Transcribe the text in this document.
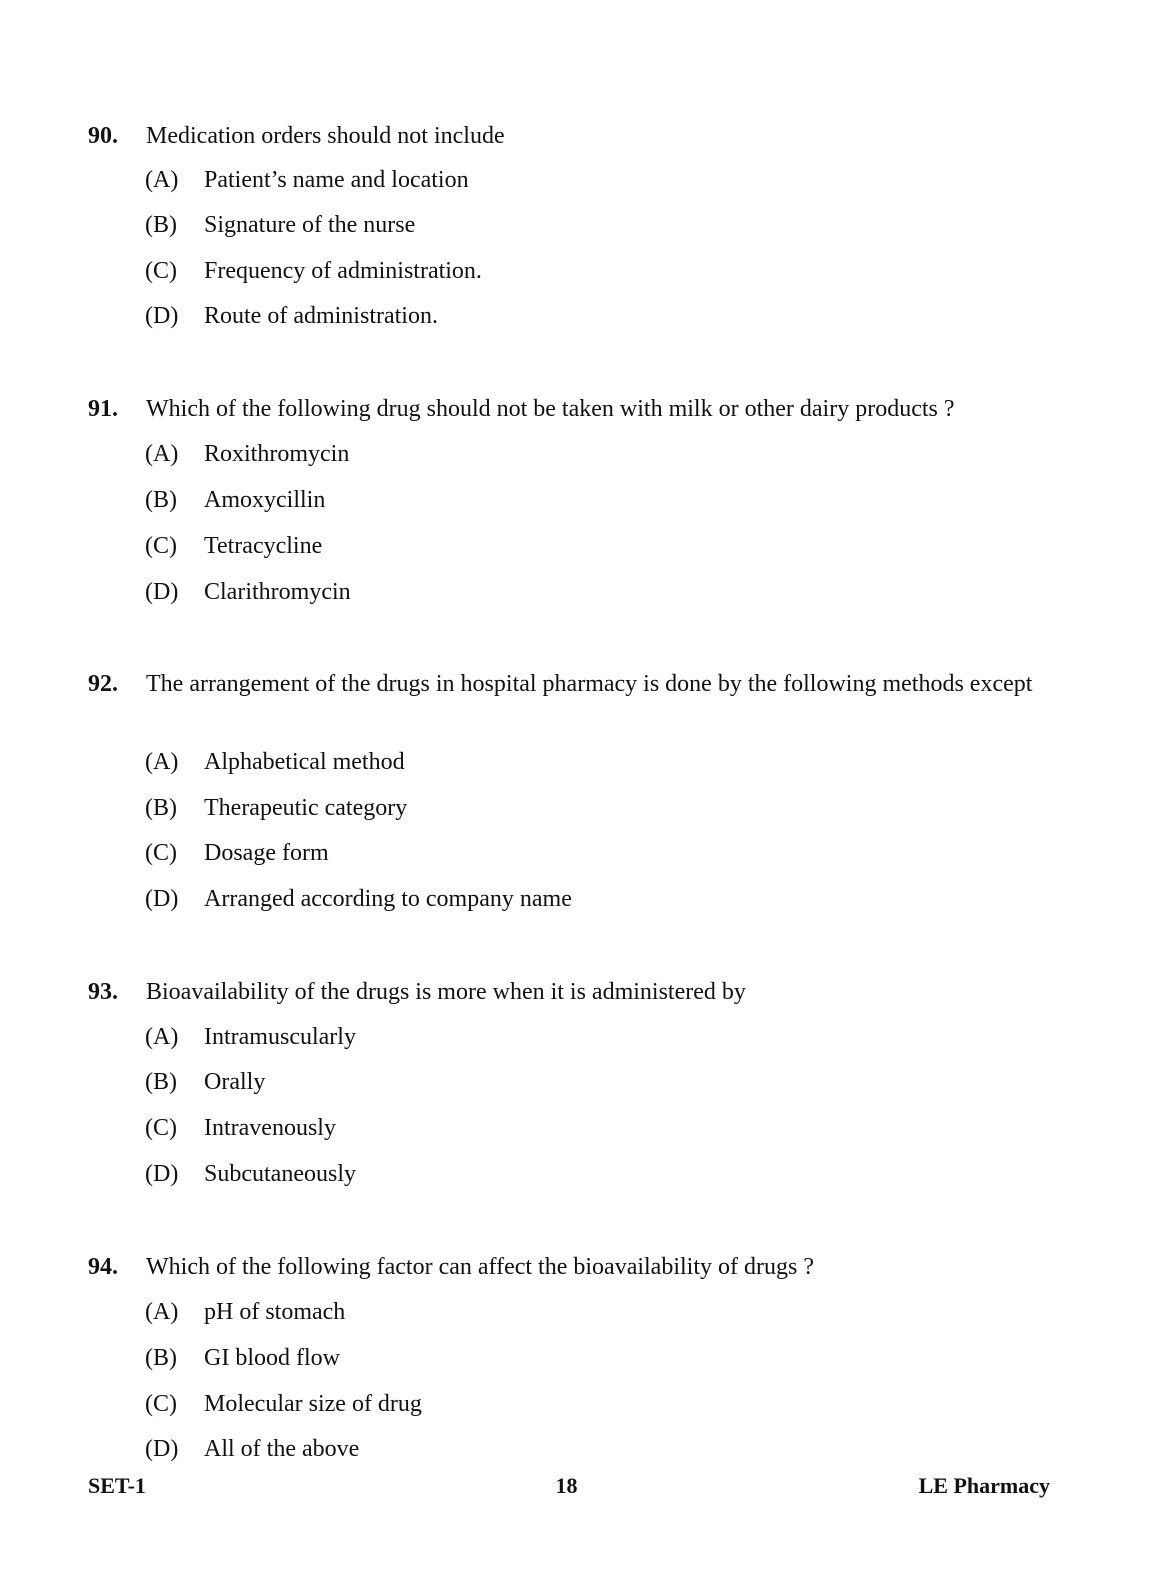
90. Medication orders should not include
(A) Patient’s name and location
(B) Signature of the nurse
(C) Frequency of administration.
(D) Route of administration.
91. Which of the following drug should not be taken with milk or other dairy products ?
(A) Roxithromycin
(B) Amoxycillin
(C) Tetracycline
(D) Clarithromycin
92. The arrangement of the drugs in hospital pharmacy is done by the following methods except
(A) Alphabetical method
(B) Therapeutic category
(C) Dosage form
(D) Arranged according to company name
93. Bioavailability of the drugs is more when it is administered by
(A) Intramuscularly
(B) Orally
(C) Intravenously
(D) Subcutaneously
94. Which of the following factor can affect the bioavailability of drugs ?
(A) pH of stomach
(B) GI blood flow
(C) Molecular size of drug
(D) All of the above
SET-1	18	LE Pharmacy
